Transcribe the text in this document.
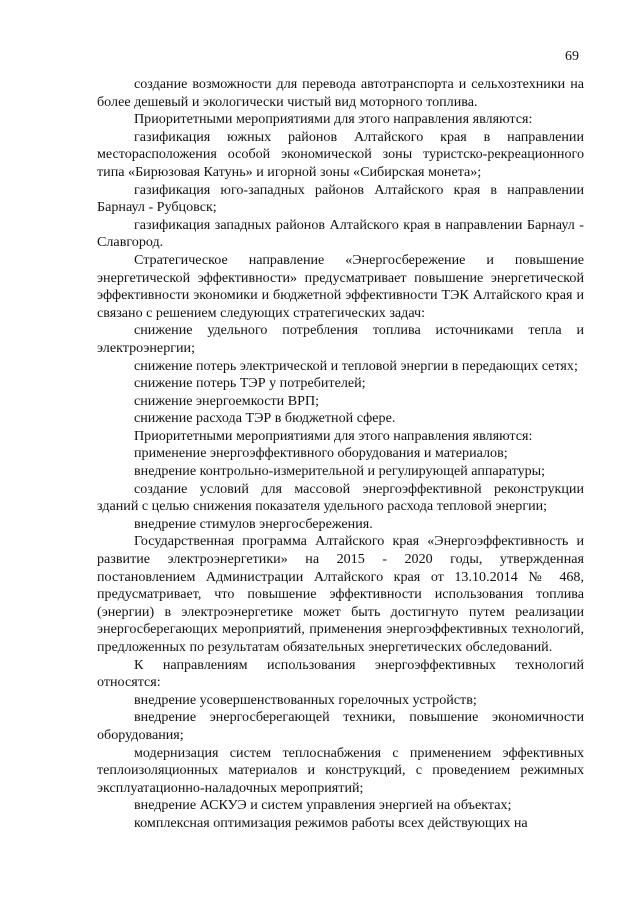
69

создание возможности для перевода автотранспорта и сельхозтехники на более дешевый и экологически чистый вид моторного топлива.

Приоритетными мероприятиями для этого направления являются:

газификация южных районов Алтайского края в направлении месторасположения особой экономической зоны туристско-рекреационного типа «Бирюзовая Катунь» и игорной зоны «Сибирская монета»;

газификация юго-западных районов Алтайского края в направлении Барнаул - Рубцовск;

газификация западных районов Алтайского края в направлении Барнаул - Славгород.

Стратегическое направление «Энергосбережение и повышение энергетической эффективности» предусматривает повышение энергетической эффективности экономики и бюджетной эффективности ТЭК Алтайского края и связано с решением следующих стратегических задач:

снижение удельного потребления топлива источниками тепла и электроэнергии;

снижение потерь электрической и тепловой энергии в передающих сетях;

снижение потерь ТЭР у потребителей;

снижение энергоемкости ВРП;

снижение расхода ТЭР в бюджетной сфере.

Приоритетными мероприятиями для этого направления являются:

применение энергоэффективного оборудования и материалов;

внедрение контрольно-измерительной и регулирующей аппаратуры;

создание условий для массовой энергоэффективной реконструкции зданий с целью снижения показателя удельного расхода тепловой энергии;

внедрение стимулов энергосбережения.

Государственная программа Алтайского края «Энергоэффективность и развитие электроэнергетики» на 2015 - 2020 годы, утвержденная постановлением Администрации Алтайского края от 13.10.2014 № 468, предусматривает, что повышение эффективности использования топлива (энергии) в электроэнергетике может быть достигнуто путем реализации энергосберегающих мероприятий, применения энергоэффективных технологий, предложенных по результатам обязательных энергетических обследований.

К направлениям использования энергоэффективных технологий относятся:

внедрение усовершенствованных горелочных устройств;

внедрение энергосберегающей техники, повышение экономичности оборудования;

модернизация систем теплоснабжения с применением эффективных теплоизоляционных материалов и конструкций, с проведением режимных эксплуатационно-наладочных мероприятий;

внедрение АСКУЭ и систем управления энергией на объектах;

комплексная оптимизация режимов работы всех действующих на
